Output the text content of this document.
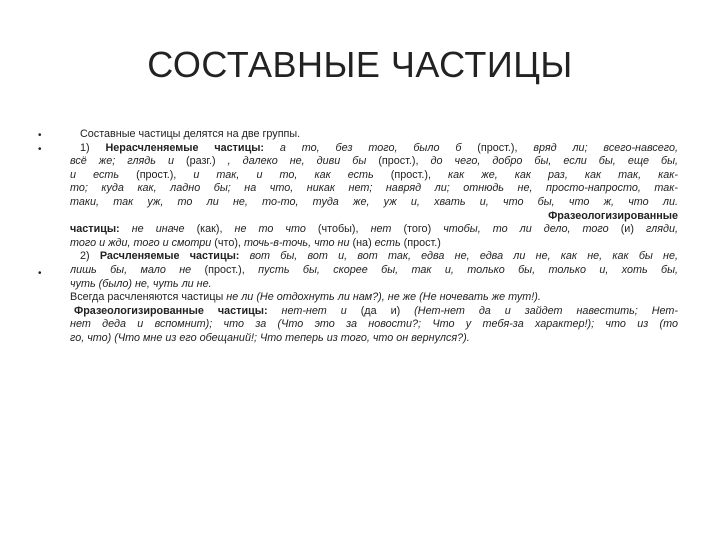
СОСТАВНЫЕ ЧАСТИЦЫ
•
•
•
Составные частицы делятся на две группы.
1) Нерасчленяемые частицы: а то, без того, было б (прост.), вряд ли; всего-навсего,
всё же; глядь и (разг.) , далеко не, диви бы (прост.), до чего, добро бы, если бы, еще бы,
и есть (прост.), и так, и то, как есть (прост.), как же, как раз, как так, как-
то; куда как, ладно бы; на что, никак нет; навряд ли; отнюдь не, просто-напросто, так-
таки, так уж, то ли не, то-то, туда же, уж и, хвать и, что бы, что ж, что ли.
Фразеологизированные
частицы: не иначе (как), не то что (чтобы), нет (того) чтобы, то ли дело, того (и) гляди,
того и жди, того и смотри (что), точь-в-точь, что ни (на) есть (прост.)
2) Расчленяемые частицы: вот бы, вот и, вот так, едва не, едва ли не, как не, как бы не,
лишь бы, мало не (прост.), пусть бы, скорее бы, так и, только бы, только и, хоть бы,
чуть (было) не, чуть ли не.
Всегда расчленяются частицы не ли (Не отдохнуть ли нам?), не же (Не ночевать же тут!).
Фразеологизированные частицы: нет-нет и (да и) (Нет-нет да и зайдет навестить; Нет-
нет деда и вспомнит); что за (Что это за новости?; Что у тебя-за характер!); что из (то
го, что) (Что мне из его обещаний!; Что теперь из того, что он вернулся?).
